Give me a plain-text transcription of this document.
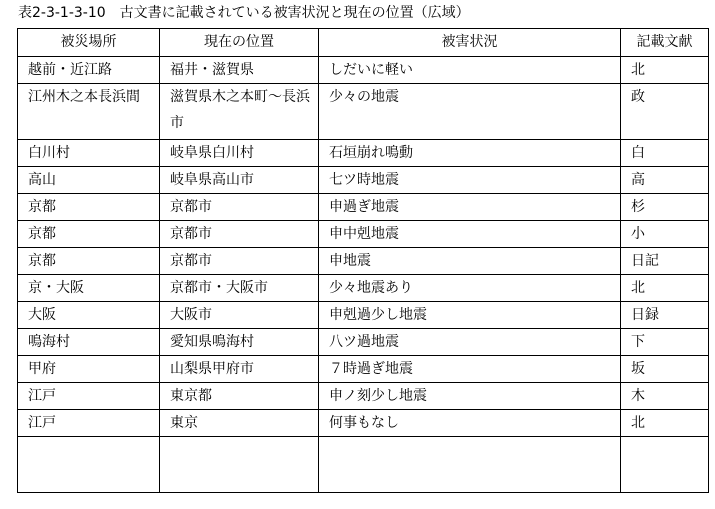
表2-3-1-3-10　古文書に記載されている被害状況と現在の位置（広域）
被災場所	現在の位置	被害状況	記載文献
越前・近江路	福井・滋賀県	しだいに軽い	北
江州木之本長浜間	滋賀県木之本町～長浜市	少々の地震	政
白川村	岐阜県白川村	石垣崩れ鳴動	白
高山	岐阜県高山市	七ツ時地震	高
京都	京都市	申過ぎ地震	杉
京都	京都市	申中剋地震	小
京都	京都市	申地震	日記
京・大阪	京都市・大阪市	少々地震あり	北
大阪	大阪市	申剋過少し地震	日録
鳴海村	愛知県鳴海村	八ツ過地震	下
甲府	山梨県甲府市	７時過ぎ地震	坂
江戸	東京都	申ノ刻少し地震	木
江戸	東京	何事もなし	北
